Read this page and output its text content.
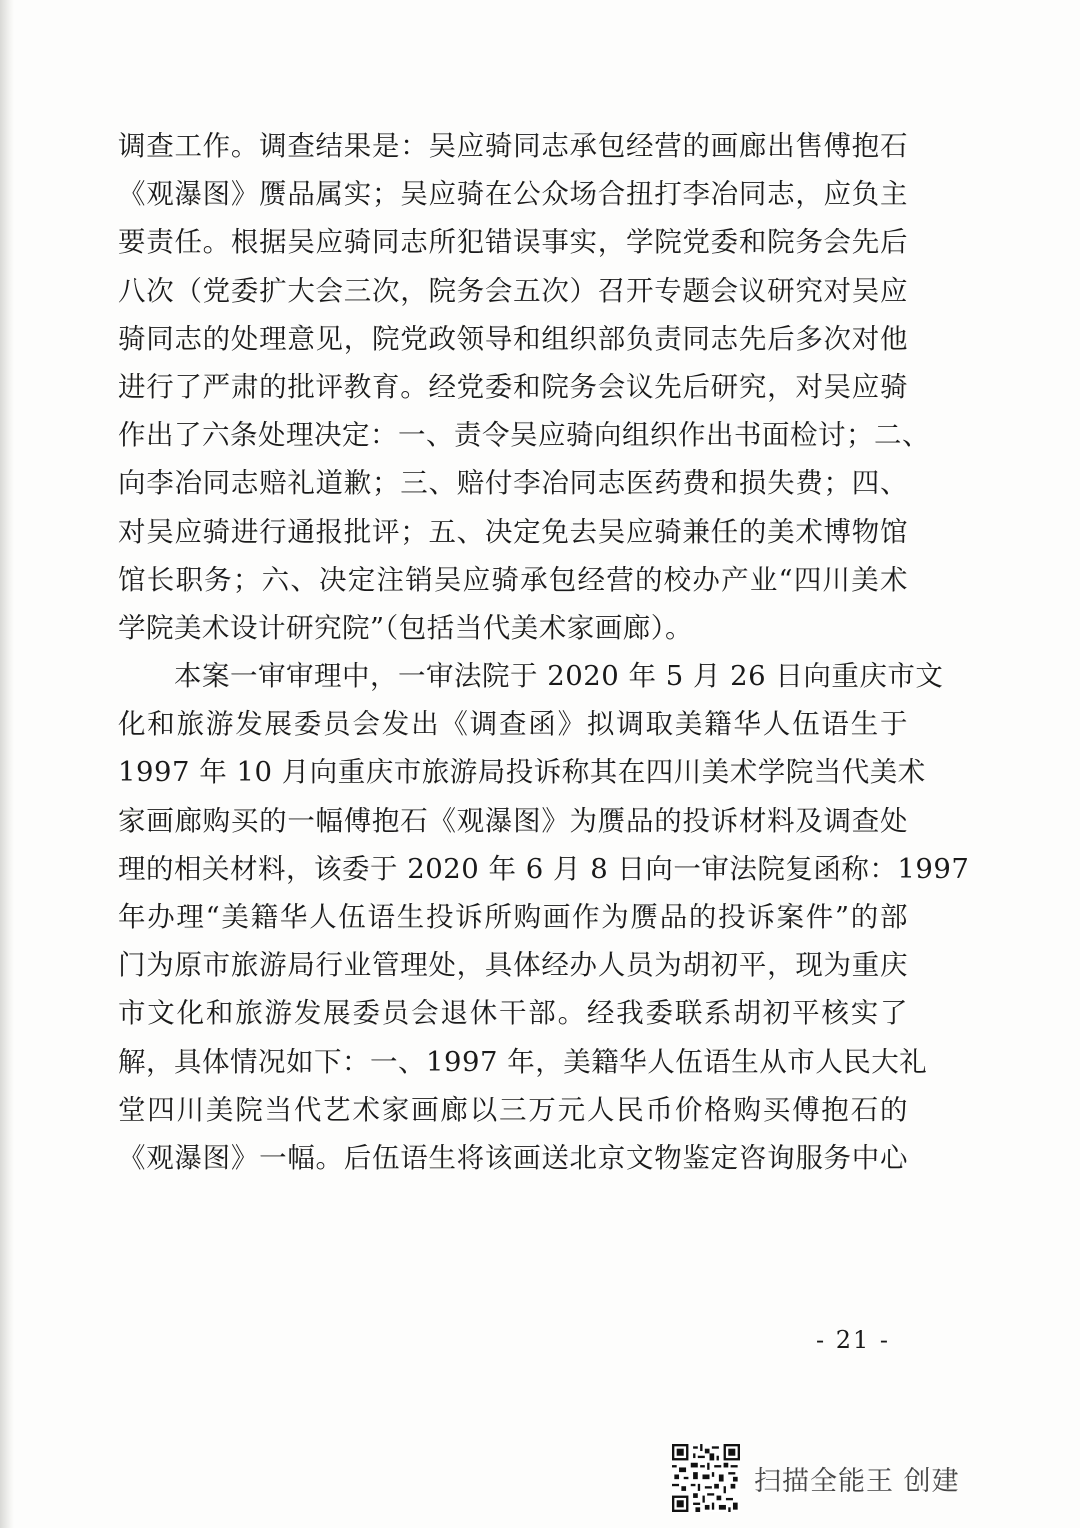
调查工作。调查结果是：吴应骑同志承包经营的画廊出售傅抱石
《观瀑图》赝品属实；吴应骑在公众场合扭打李冶同志，应负主
要责任。根据吴应骑同志所犯错误事实，学院党委和院务会先后
八次（党委扩大会三次，院务会五次）召开专题会议研究对吴应
骑同志的处理意见，院党政领导和组织部负责同志先后多次对他
进行了严肃的批评教育。经党委和院务会议先后研究，对吴应骑
作出了六条处理决定：一、责令吴应骑向组织作出书面检讨；二、
向李冶同志赔礼道歉；三、赔付李冶同志医药费和损失费；四、
对吴应骑进行通报批评；五、决定免去吴应骑兼任的美术博物馆
馆长职务；六、决定注销吴应骑承包经营的校办产业“四川美术
学院美术设计研究院”（包括当代美术家画廊）。
　　本案一审审理中，一审法院于 2020 年 5 月 26 日向重庆市文
化和旅游发展委员会发出《调查函》拟调取美籍华人伍语生于
1997 年 10 月向重庆市旅游局投诉称其在四川美术学院当代美术
家画廊购买的一幅傅抱石《观瀑图》为赝品的投诉材料及调查处
理的相关材料，该委于 2020 年 6 月 8 日向一审法院复函称：1997
年办理“美籍华人伍语生投诉所购画作为赝品的投诉案件”的部
门为原市旅游局行业管理处，具体经办人员为胡初平，现为重庆
市文化和旅游发展委员会退休干部。经我委联系胡初平核实了
解，具体情况如下：一、1997 年，美籍华人伍语生从市人民大礼
堂四川美院当代艺术家画廊以三万元人民币价格购买傅抱石的
《观瀑图》一幅。后伍语生将该画送北京文物鉴定咨询服务中心
- 21 -
扫描全能王 创建
